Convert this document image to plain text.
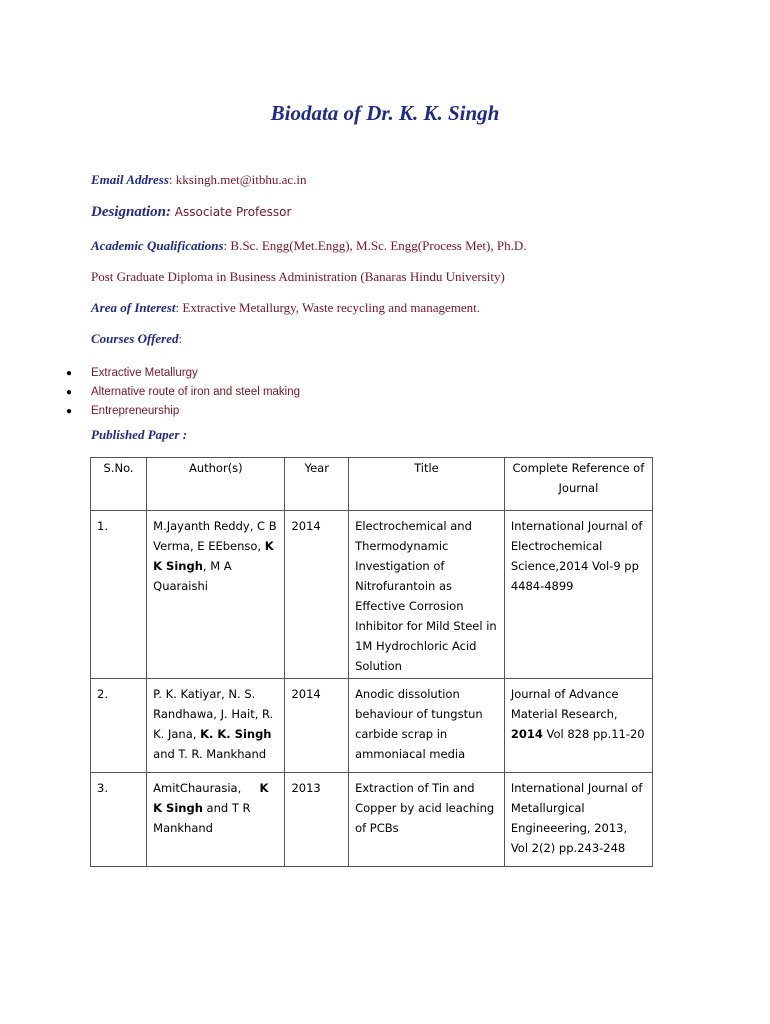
Biodata of Dr. K. K. Singh
Email Address: kksingh.met@itbhu.ac.in
Designation: Associate Professor
Academic Qualifications: B.Sc. Engg(Met.Engg), M.Sc. Engg(Process Met), Ph.D.
Post Graduate Diploma in Business Administration (Banaras Hindu University)
Area of Interest: Extractive Metallurgy, Waste recycling and management.
Courses Offered:
● Extractive Metallurgy
● Alternative route of iron and steel making
● Entrepreneurship
Published Paper :
S.No.	Author(s)	Year	Title	Complete Reference of Journal
1.	M.Jayanth Reddy, C B Verma, E EEbenso, K K Singh, M A Quaraishi	2014	Electrochemical and Thermodynamic Investigation of Nitrofurantoin as Effective Corrosion Inhibitor for Mild Steel in 1M Hydrochloric Acid Solution	International Journal of Electrochemical Science,2014 Vol-9 pp 4484-4899
2.	P. K. Katiyar, N. S. Randhawa, J. Hait, R. K. Jana, K. K. Singh and T. R. Mankhand	2014	Anodic dissolution behaviour of tungstun carbide scrap in ammoniacal media	Journal of Advance Material Research, 2014 Vol 828 pp.11-20
3.	AmitChaurasia, K K Singh and T R Mankhand	2013	Extraction of Tin and Copper by acid leaching of PCBs	International Journal of Metallurgical Engineeering, 2013, Vol 2(2) pp.243-248
